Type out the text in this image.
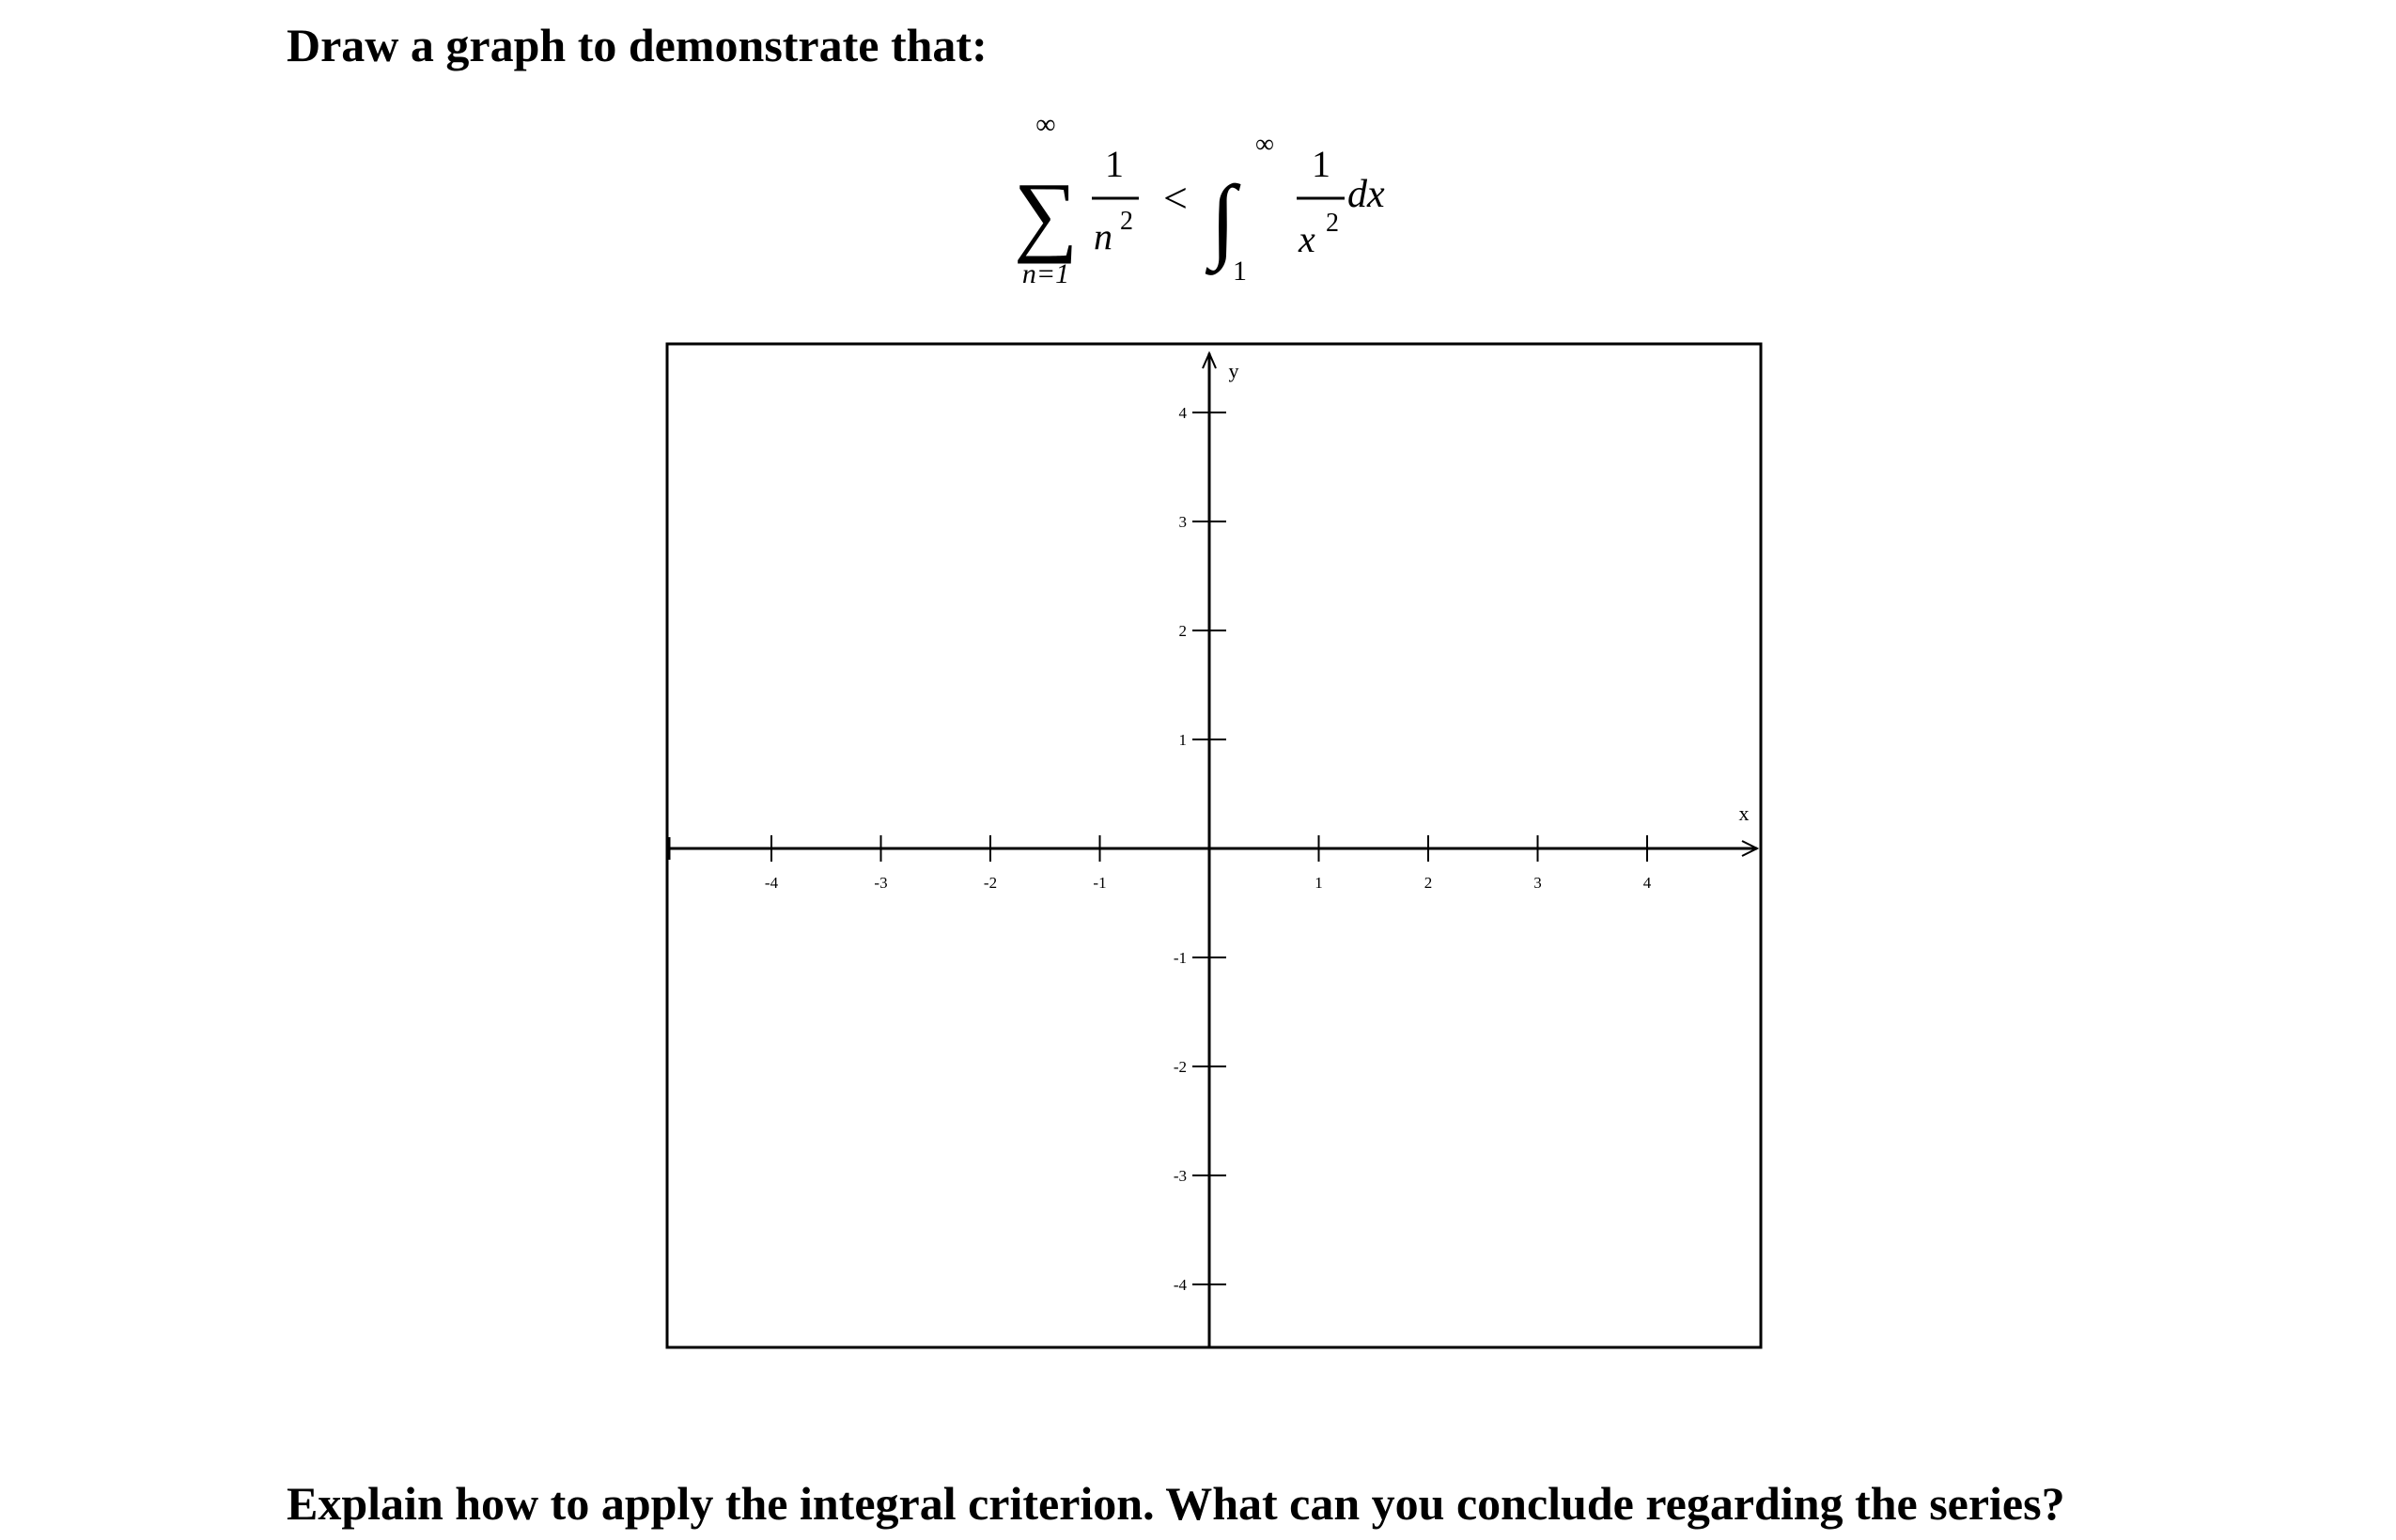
Draw a graph to demonstrate that:
∞
∑
n=1
1
n 2 < ∫
∞
1
1
x 2
dx
x
y
-4	-3	-2	-1	1	2	3	4
4
3
2
1
-1
-2
-3
-4
Explain how to apply the integral criterion. What can you conclude regarding the series?
